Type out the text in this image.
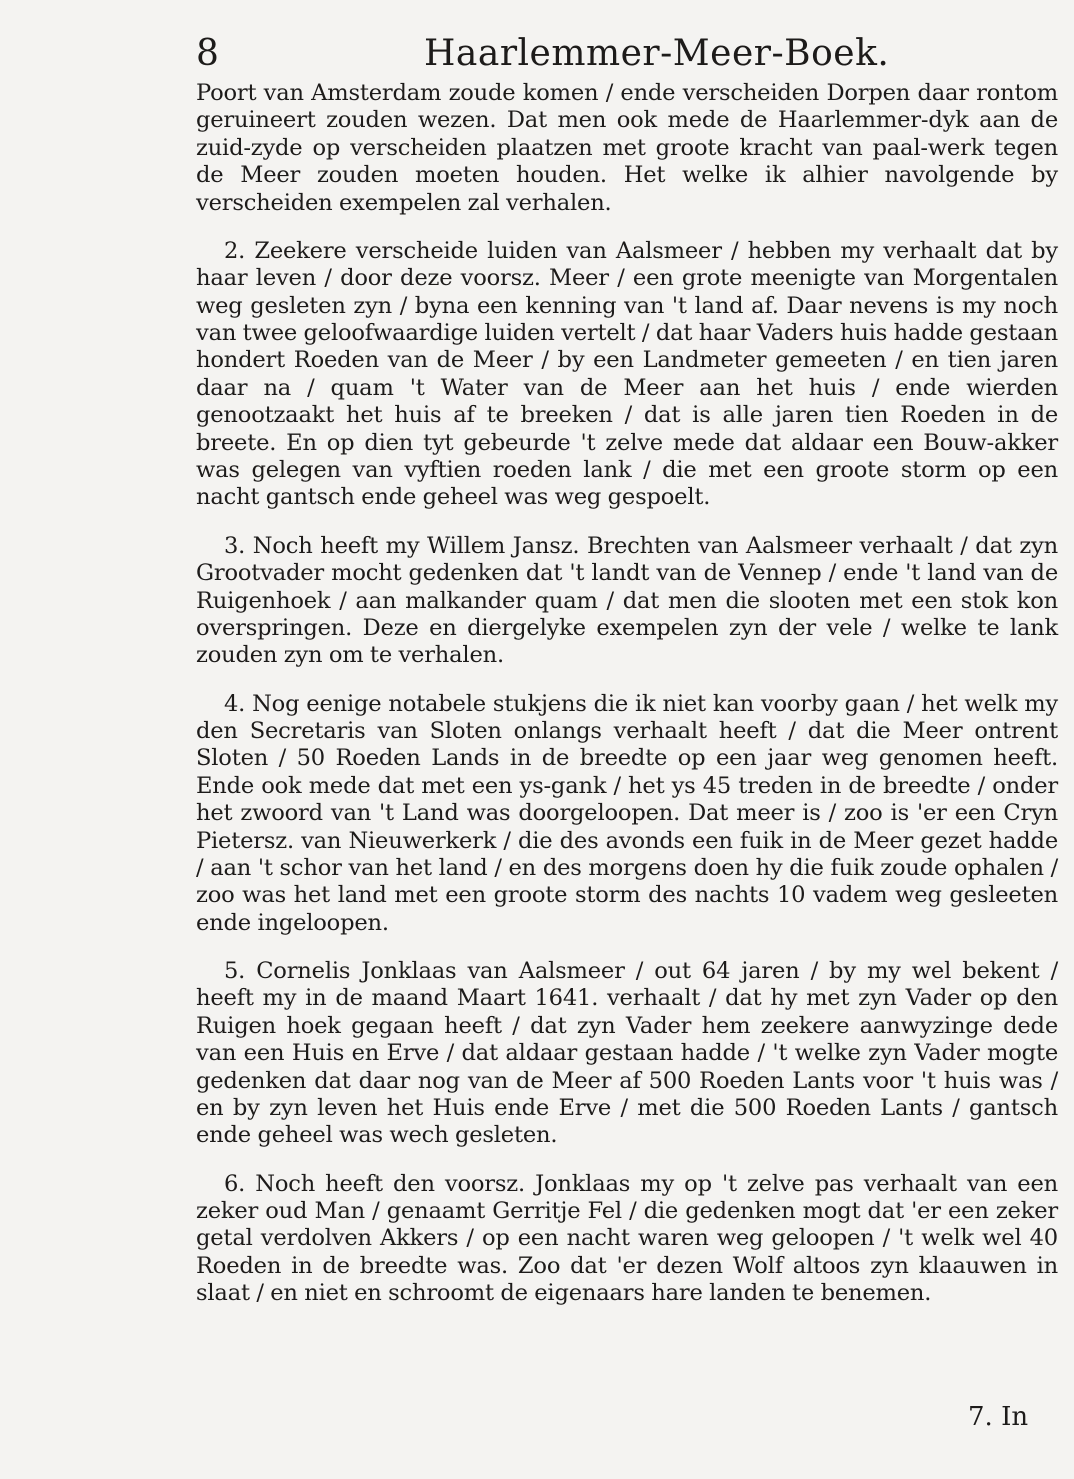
8	Haarlemmer-Meer-Boek.

Poort van Amsterdam zoude komen / ende verscheiden Dorpen daar rontom geruineert zouden wezen. Dat men ook mede de Haarlemmer-dyk aan de zuid-zyde op verscheiden plaatzen met groote kracht van paal-werk tegen de Meer zouden moeten houden. Het welke ik alhier navolgende by verscheiden exempelen zal verhalen.

2. Zeekere verscheide luiden van Aalsmeer / hebben my verhaalt dat by haar leven / door deze voorsz. Meer / een grote meenigte van Morgentalen weg gesleten zyn / byna een kenning van 't land af. Daar nevens is my noch van twee geloofwaardige luiden vertelt / dat haar Vaders huis hadde gestaan hondert Roeden van de Meer / by een Landmeter gemeeten / en tien jaren daar na / quam 't Water van de Meer aan het huis / ende wierden genootzaakt het huis af te breeken / dat is alle jaren tien Roeden in de breete. En op dien tyt gebeurde 't zelve mede dat aldaar een Bouw-akker was gelegen van vyftien roeden lank / die met een groote storm op een nacht gantsch ende geheel was weg gespoelt.

3. Noch heeft my Willem Jansz. Brechten van Aalsmeer verhaalt / dat zyn Grootvader mocht gedenken dat 't landt van de Vennep / ende 't land van de Ruigenhoek / aan malkander quam / dat men die slooten met een stok kon overspringen. Deze en diergelyke exempelen zyn der vele / welke te lank zouden zyn om te verhalen.

4. Nog eenige notabele stukjens die ik niet kan voorby gaan / het welk my den Secretaris van Sloten onlangs verhaalt heeft / dat die Meer ontrent Sloten / 50 Roeden Lands in de breedte op een jaar weg genomen heeft. Ende ook mede dat met een ys-gank / het ys 45 treden in de breedte / onder het zwoord van 't Land was doorgeloopen. Dat meer is / zoo is 'er een Cryn Pietersz. van Nieuwerkerk / die des avonds een fuik in de Meer gezet hadde / aan 't schor van het land / en des morgens doen hy die fuik zoude ophalen / zoo was het land met een groote storm des nachts 10 vadem weg gesleeten ende ingeloopen.

5. Cornelis Jonklaas van Aalsmeer / out 64 jaren / by my wel bekent / heeft my in de maand Maart 1641. verhaalt / dat hy met zyn Vader op den Ruigen hoek gegaan heeft / dat zyn Vader hem zeekere aanwyzinge dede van een Huis en Erve / dat aldaar gestaan hadde / 't welke zyn Vader mogte gedenken dat daar nog van de Meer af 500 Roeden Lants voor 't huis was / en by zyn leven het Huis ende Erve / met die 500 Roeden Lants / gantsch ende geheel was wech gesleten.

6. Noch heeft den voorsz. Jonklaas my op 't zelve pas verhaalt van een zeker oud Man / genaamt Gerritje Fel / die gedenken mogt dat 'er een zeker getal verdolven Akkers / op een nacht waren weg geloopen / 't welk wel 40 Roeden in de breedte was. Zoo dat 'er dezen Wolf altoos zyn klaauwen in slaat / en niet en schroomt de eigenaars hare landen te benemen.

7. In
